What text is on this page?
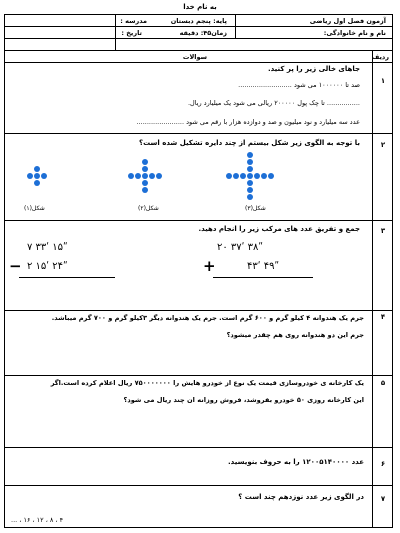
به نام خدا
آزمون فصل اول ریاضی
پایه: پنجم دبستان
مدرسه :
نام و نام خانوادگی:
زمان۴۵: دقیقه
تاریخ :
ردیف
سوالات
۱
جاهای خالی زیر را پر کنید.
صد تا ۱۰۰۰۰۰۰ می شود ..........................
................ تا چک پول ۲۰۰۰۰۰ ریالی می شود یک میلیارد ریال.
عدد سه میلیارد و نود میلیون و صد و دوازده هزار با رقم می شود .......................
۲
با توجه به الگوی زیر شکل بیستم از چند دایره تشکیل شده است؟
شکل(۳)
شکل(۲)
شکل(۱)
۳
جمع و تفریق عدد های مرکب زیر را انجام دهید.
۷ ۳۳ʹ ۱۵ʺ
− ۲ ۱۵ʹ ۲۴ʺ
۲۰ ۳۷ʹ ۳۸ʺ
+	۴۳ʹ ۴۹ʺ
۴
جرم یک هندوانه ۴ کیلو گرم و ۶۰۰ گرم است. جرم یک هندوانه دیگر ۳کیلو گرم و ۷۰۰ گرم میباشد.
جرم این دو هندوانه روی هم چقدر میشود؟
۵
یک کارخانه ی خودروسازی قیمت یک نوع از خودرو هایش را ۷۵۰۰۰۰۰۰۰ ریال اعلام کرده است.اگر
این کارخانه روزی ۵۰ خودرو بفروشد، فروش روزانه ان چند ریال می شود؟
۶
عدد ۱۲۰۰۵۱۴۰۰۰۰ را به حروف بنویسید.
۷
در الگوی زیر عدد نوزدهم چند است ؟
۴ ، ۸ ، ۱۲ ، ۱۶ ، ...
